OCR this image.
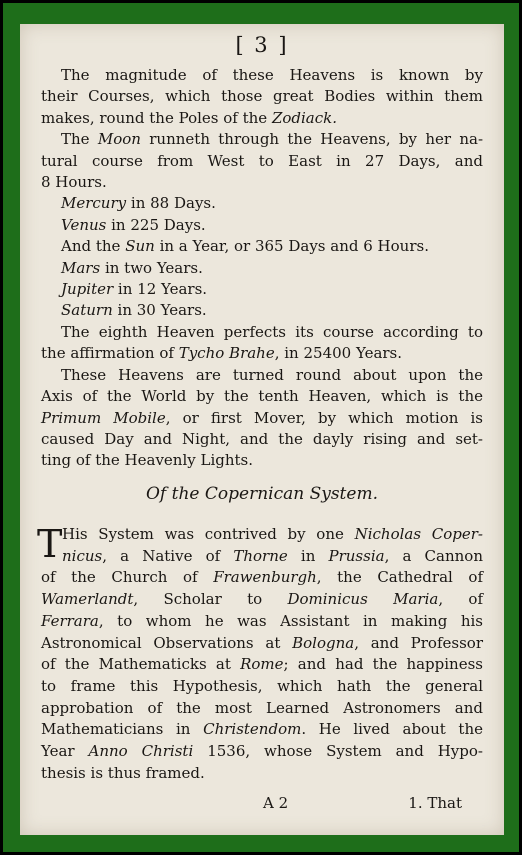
[ 3 ]
The magnitude of these Heavens is known by
their Courses, which those great Bodies within them
makes, round the Poles of the Zodiack.
The Moon runneth through the Heavens, by her na-
tural course from West to East in 27 Days, and
8 Hours.
Mercury in 88 Days.
Venus in 225 Days.
And the Sun in a Year, or 365 Days and 6 Hours.
Mars in two Years.
Jupiter in 12 Years.
Saturn in 30 Years.
The eighth Heaven perfects its course according to
the affirmation of Tycho Brahe, in 25400 Years.
These Heavens are turned round about upon the
Axis of the World by the tenth Heaven, which is the
Primum Mobile, or first Mover, by which motion is
caused Day and Night, and the dayly rising and set-
ting of the Heavenly Lights.
Of the Copernican System.
T His System was contrived by one Nicholas Coper-
nicus, a Native of Thorne in Prussia, a Cannon
of the Church of Frawenburgh, the Cathedral of
Wamerlandt, Scholar to Dominicus Maria, of
Ferrara, to whom he was Assistant in making his
Astronomical Observations at Bologna, and Professor
of the Mathematicks at Rome; and had the happiness
to frame this Hypothesis, which hath the general
approbation of the most Learned Astronomers and
Mathematicians in Christendom. He lived about the
Year Anno Christi 1536, whose System and Hypo-
thesis is thus framed.
A 2	1. That
